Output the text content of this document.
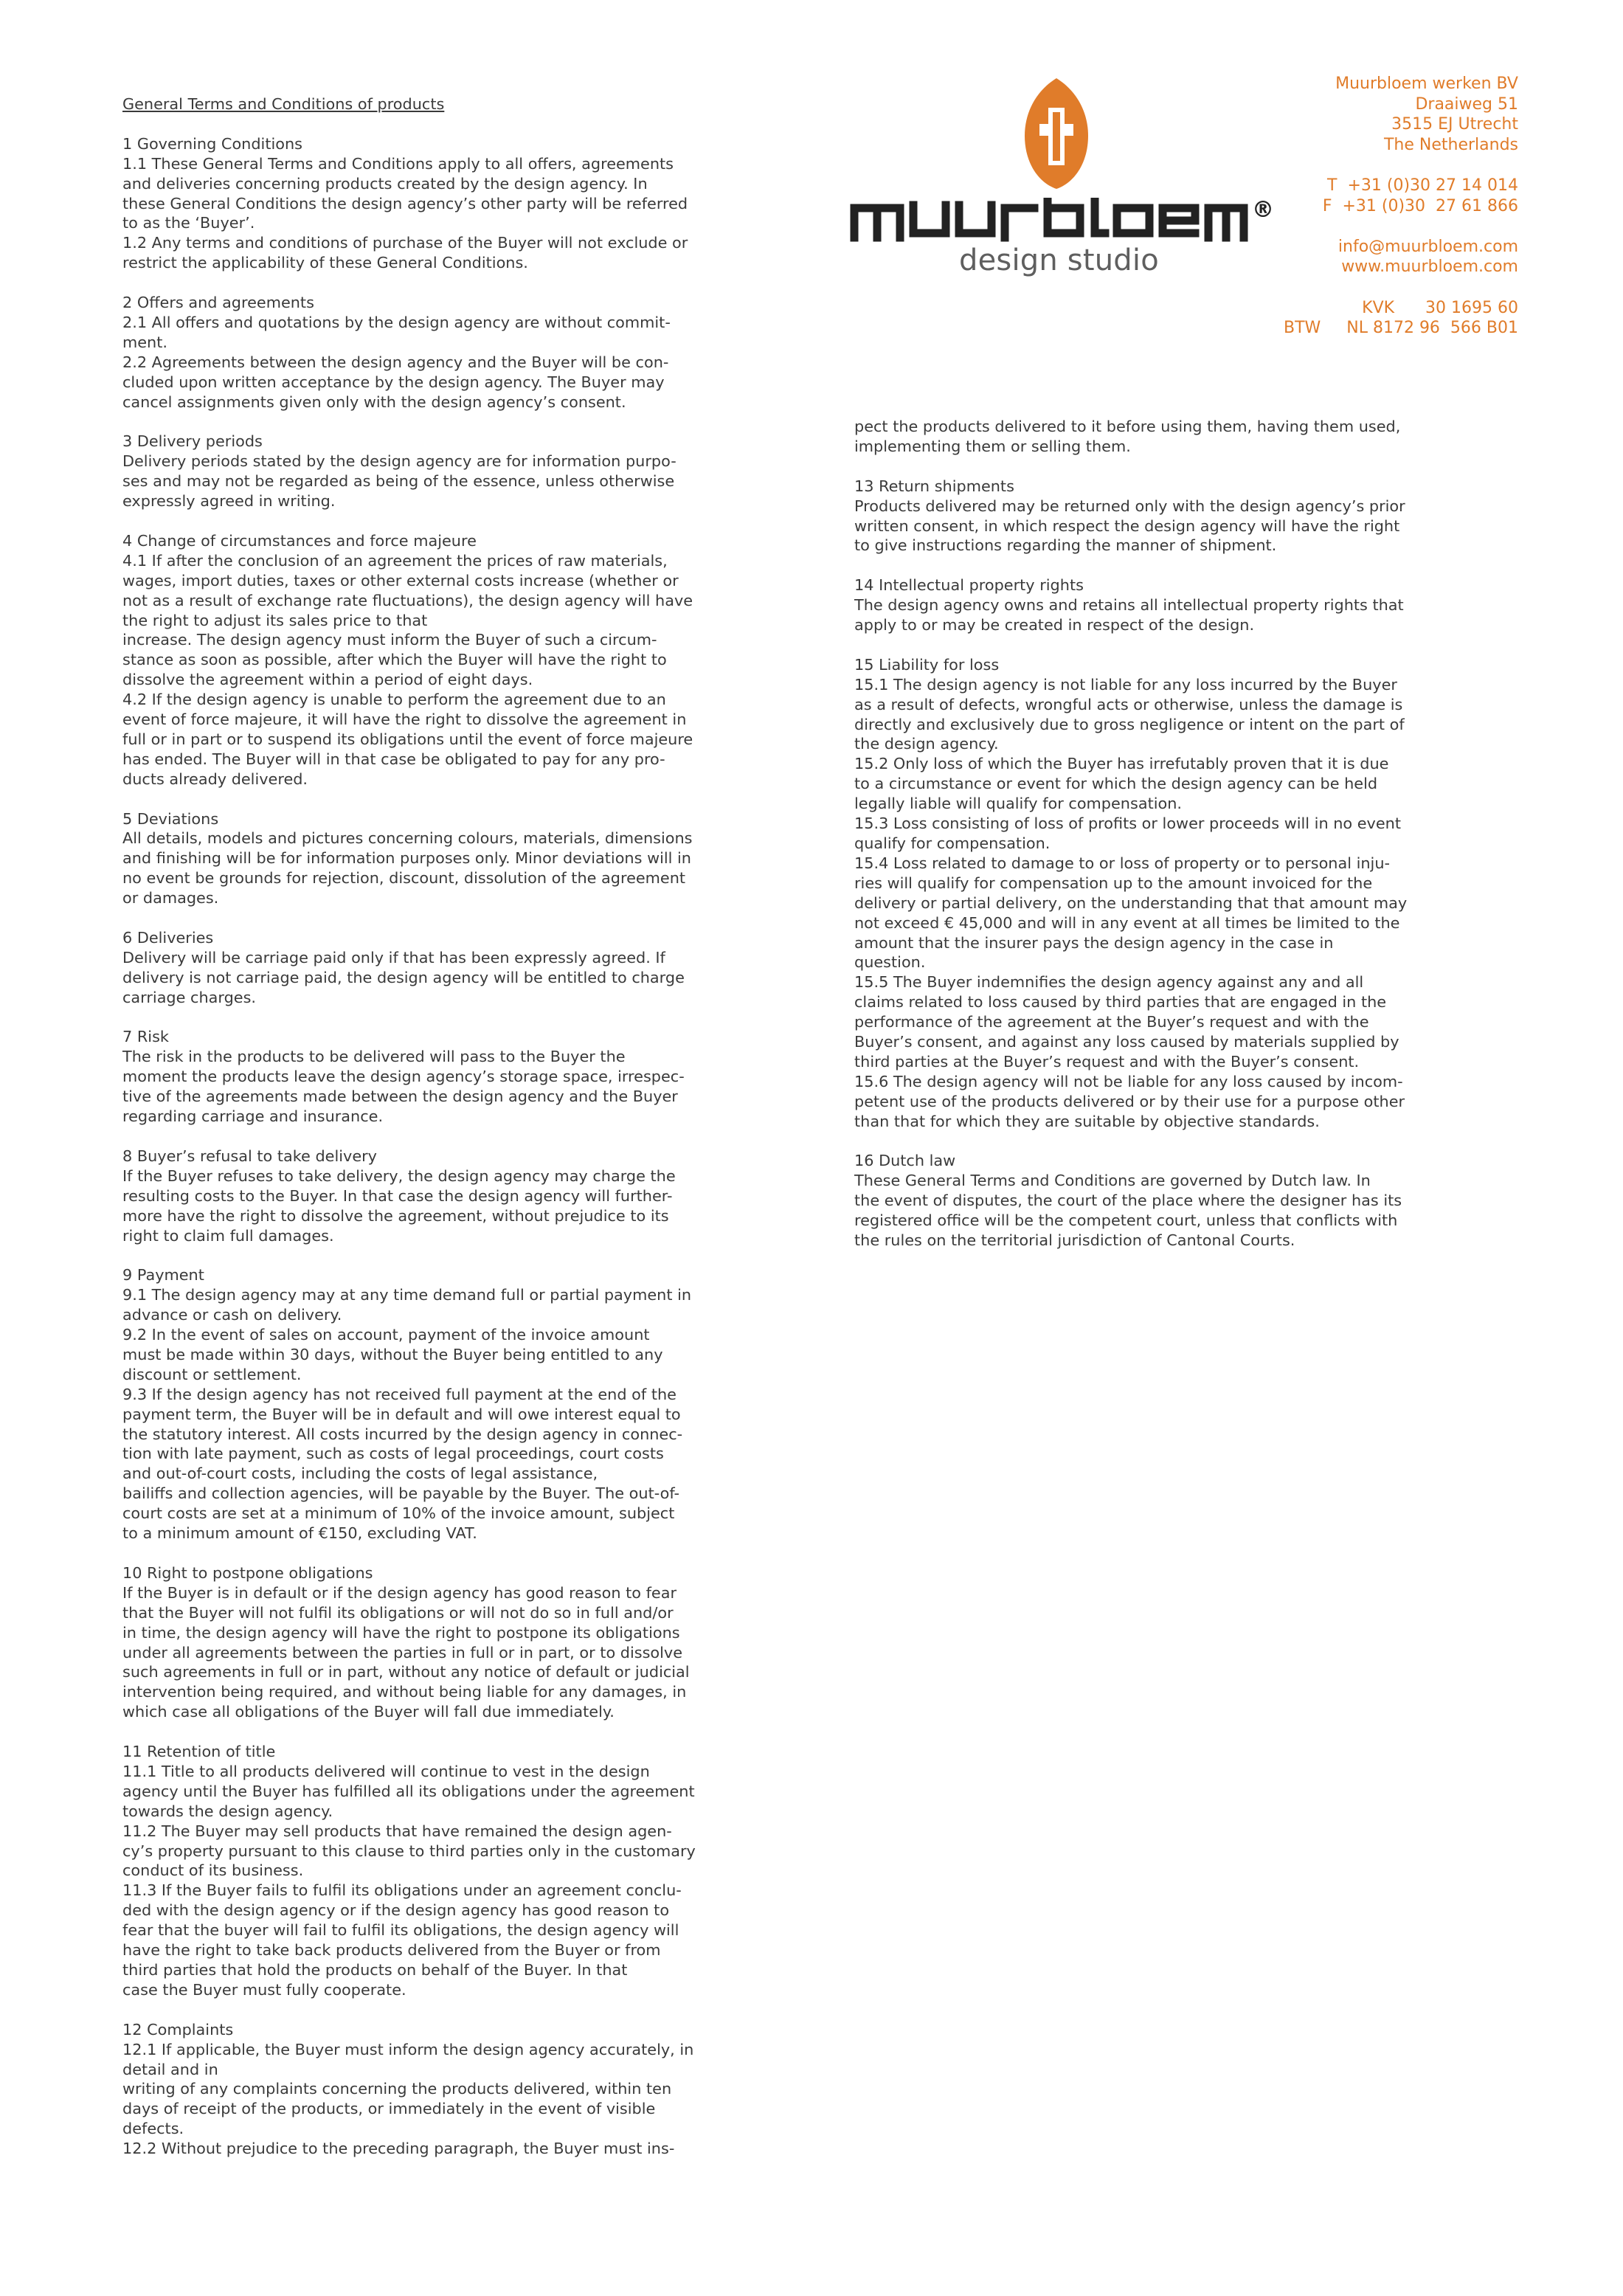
®
design studio
Muurbloem werken BV
Draaiweg 51
3515 EJ Utrecht
The Netherlands
T  +31 (0)30 27 14 014
F  +31 (0)30  27 61 866
info@muurbloem.com
www.muurbloem.com
KVK      30 1695 60
BTW     NL 8172 96  566 B01
General Terms and Conditions of products
1 Governing Conditions
1.1 These General Terms and Conditions apply to all offers, agreements
and deliveries concerning products created by the design agency. In
these General Conditions the design agency’s other party will be referred
to as the ‘Buyer’.
1.2 Any terms and conditions of purchase of the Buyer will not exclude or
restrict the applicability of these General Conditions.
2 Offers and agreements
2.1 All offers and quotations by the design agency are without commit-
ment.
2.2 Agreements between the design agency and the Buyer will be con-
cluded upon written acceptance by the design agency. The Buyer may
cancel assignments given only with the design agency’s consent.
3 Delivery periods
Delivery periods stated by the design agency are for information purpo-
ses and may not be regarded as being of the essence, unless otherwise
expressly agreed in writing.
4 Change of circumstances and force majeure
4.1 If after the conclusion of an agreement the prices of raw materials,
wages, import duties, taxes or other external costs increase (whether or
not as a result of exchange rate fluctuations), the design agency will have
the right to adjust its sales price to that
increase. The design agency must inform the Buyer of such a circum-
stance as soon as possible, after which the Buyer will have the right to
dissolve the agreement within a period of eight days.
4.2 If the design agency is unable to perform the agreement due to an
event of force majeure, it will have the right to dissolve the agreement in
full or in part or to suspend its obligations until the event of force majeure
has ended. The Buyer will in that case be obligated to pay for any pro-
ducts already delivered.
5 Deviations
All details, models and pictures concerning colours, materials, dimensions
and finishing will be for information purposes only. Minor deviations will in
no event be grounds for rejection, discount, dissolution of the agreement
or damages.
6 Deliveries
Delivery will be carriage paid only if that has been expressly agreed. If
delivery is not carriage paid, the design agency will be entitled to charge
carriage charges.
7 Risk
The risk in the products to be delivered will pass to the Buyer the
moment the products leave the design agency’s storage space, irrespec-
tive of the agreements made between the design agency and the Buyer
regarding carriage and insurance.
8 Buyer’s refusal to take delivery
If the Buyer refuses to take delivery, the design agency may charge the
resulting costs to the Buyer. In that case the design agency will further-
more have the right to dissolve the agreement, without prejudice to its
right to claim full damages.
9 Payment
9.1 The design agency may at any time demand full or partial payment in
advance or cash on delivery.
9.2 In the event of sales on account, payment of the invoice amount
must be made within 30 days, without the Buyer being entitled to any
discount or settlement.
9.3 If the design agency has not received full payment at the end of the
payment term, the Buyer will be in default and will owe interest equal to
the statutory interest. All costs incurred by the design agency in connec-
tion with late payment, such as costs of legal proceedings, court costs
and out-of-court costs, including the costs of legal assistance,
bailiffs and collection agencies, will be payable by the Buyer. The out-of-
court costs are set at a minimum of 10% of the invoice amount, subject
to a minimum amount of €150, excluding VAT.
10 Right to postpone obligations
If the Buyer is in default or if the design agency has good reason to fear
that the Buyer will not fulfil its obligations or will not do so in full and/or
in time, the design agency will have the right to postpone its obligations
under all agreements between the parties in full or in part, or to dissolve
such agreements in full or in part, without any notice of default or judicial
intervention being required, and without being liable for any damages, in
which case all obligations of the Buyer will fall due immediately.
11 Retention of title
11.1 Title to all products delivered will continue to vest in the design
agency until the Buyer has fulfilled all its obligations under the agreement
towards the design agency.
11.2 The Buyer may sell products that have remained the design agen-
cy’s property pursuant to this clause to third parties only in the customary
conduct of its business.
11.3 If the Buyer fails to fulfil its obligations under an agreement conclu-
ded with the design agency or if the design agency has good reason to
fear that the buyer will fail to fulfil its obligations, the design agency will
have the right to take back products delivered from the Buyer or from
third parties that hold the products on behalf of the Buyer. In that
case the Buyer must fully cooperate.
12 Complaints
12.1 If applicable, the Buyer must inform the design agency accurately, in
detail and in
writing of any complaints concerning the products delivered, within ten
days of receipt of the products, or immediately in the event of visible
defects.
12.2 Without prejudice to the preceding paragraph, the Buyer must ins-
pect the products delivered to it before using them, having them used,
implementing them or selling them.
13 Return shipments
Products delivered may be returned only with the design agency’s prior
written consent, in which respect the design agency will have the right
to give instructions regarding the manner of shipment.
14 Intellectual property rights
The design agency owns and retains all intellectual property rights that
apply to or may be created in respect of the design.
15 Liability for loss
15.1 The design agency is not liable for any loss incurred by the Buyer
as a result of defects, wrongful acts or otherwise, unless the damage is
directly and exclusively due to gross negligence or intent on the part of
the design agency.
15.2 Only loss of which the Buyer has irrefutably proven that it is due
to a circumstance or event for which the design agency can be held
legally liable will qualify for compensation.
15.3 Loss consisting of loss of profits or lower proceeds will in no event
qualify for compensation.
15.4 Loss related to damage to or loss of property or to personal inju-
ries will qualify for compensation up to the amount invoiced for the
delivery or partial delivery, on the understanding that that amount may
not exceed € 45,000 and will in any event at all times be limited to the
amount that the insurer pays the design agency in the case in
question.
15.5 The Buyer indemnifies the design agency against any and all
claims related to loss caused by third parties that are engaged in the
performance of the agreement at the Buyer’s request and with the
Buyer’s consent, and against any loss caused by materials supplied by
third parties at the Buyer’s request and with the Buyer’s consent.
15.6 The design agency will not be liable for any loss caused by incom-
petent use of the products delivered or by their use for a purpose other
than that for which they are suitable by objective standards.
16 Dutch law
These General Terms and Conditions are governed by Dutch law. In
the event of disputes, the court of the place where the designer has its
registered office will be the competent court, unless that conflicts with
the rules on the territorial jurisdiction of Cantonal Courts.
